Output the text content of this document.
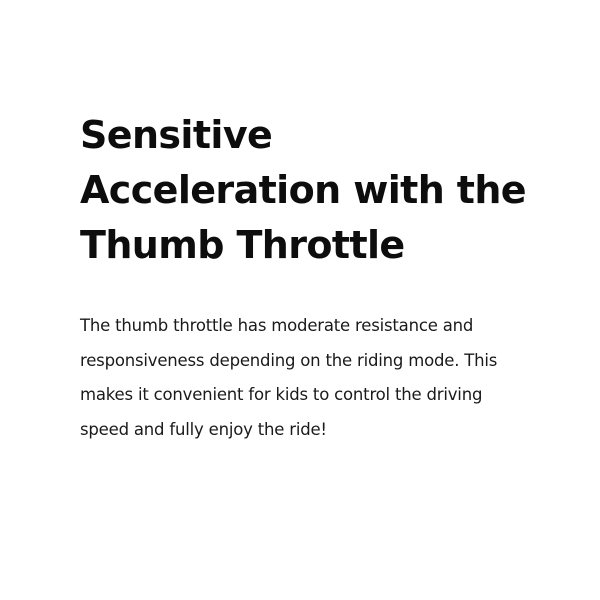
Sensitive Acceleration with the Thumb Throttle

The thumb throttle has moderate resistance and responsiveness depending on the riding mode. This makes it convenient for kids to control the driving speed and fully enjoy the ride!
